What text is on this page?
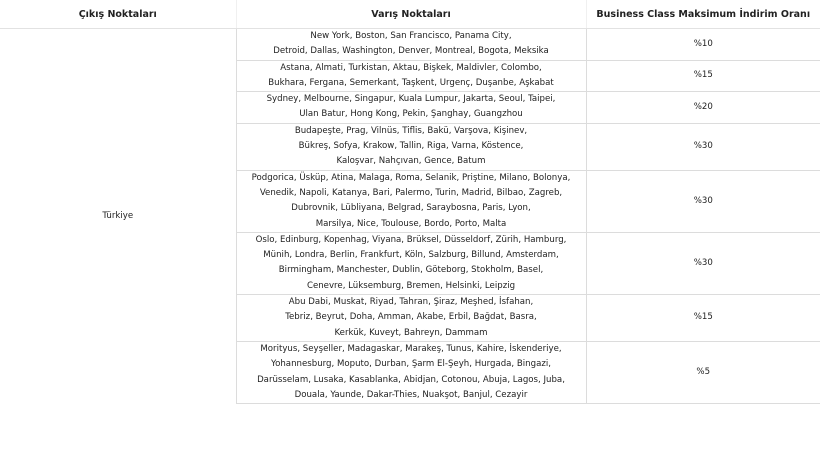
Çıkış Noktaları	Varış Noktaları	Business Class Maksimum İndirim Oranı
Türkiye	New York, Boston, San Francisco, Panama City,
Detroid, Dallas, Washington, Denver, Montreal, Bogota, Meksika	%10

	Astana, Almati, Turkistan, Aktau, Bişkek, Maldivler, Colombo,
Bukhara, Fergana, Semerkant, Taşkent, Urgenç, Duşanbe, Aşkabat	%15

	Sydney, Melbourne, Singapur, Kuala Lumpur, Jakarta, Seoul, Taipei,
Ulan Batur, Hong Kong, Pekin, Şanghay, Guangzhou	%20

	Budapeşte, Prag, Vilnüs, Tiflis, Bakü, Varşova, Kişinev,
Bükreş, Sofya, Krakow, Tallin, Riga, Varna, Köstence,
Kaloşvar, Nahçıvan, Gence, Batum	%30

	Podgorica, Üsküp, Atina, Malaga, Roma, Selanik, Priştine, Milano, Bolonya,
Venedik, Napoli, Katanya, Bari, Palermo, Turin, Madrid, Bilbao, Zagreb,
Dubrovnik, Lübliyana, Belgrad, Saraybosna, Paris, Lyon,
Marsilya, Nice, Toulouse, Bordo, Porto, Malta	%30

	Oslo, Edinburg, Kopenhag, Viyana, Brüksel, Düsseldorf, Zürih, Hamburg,
Münih, Londra, Berlin, Frankfurt, Köln, Salzburg, Billund, Amsterdam,
Birmingham, Manchester, Dublin, Göteborg, Stokholm, Basel,
Cenevre, Lüksemburg, Bremen, Helsinki, Leipzig	%30

	Abu Dabi, Muskat, Riyad, Tahran, Şiraz, Meşhed, İsfahan,
Tebriz, Beyrut, Doha, Amman, Akabe, Erbil, Bağdat, Basra,
Kerkük, Kuveyt, Bahreyn, Dammam	%15

	Morityus, Seyşeller, Madagaskar, Marakeş, Tunus, Kahire, İskenderiye,
Yohannesburg, Moputo, Durban, Şarm El-Şeyh, Hurgada, Bingazi,
Darüsselam, Lusaka, Kasablanka, Abidjan, Cotonou, Abuja, Lagos, Juba,
Douala, Yaunde, Dakar-Thies, Nuakşot, Banjul, Cezayir	%5
